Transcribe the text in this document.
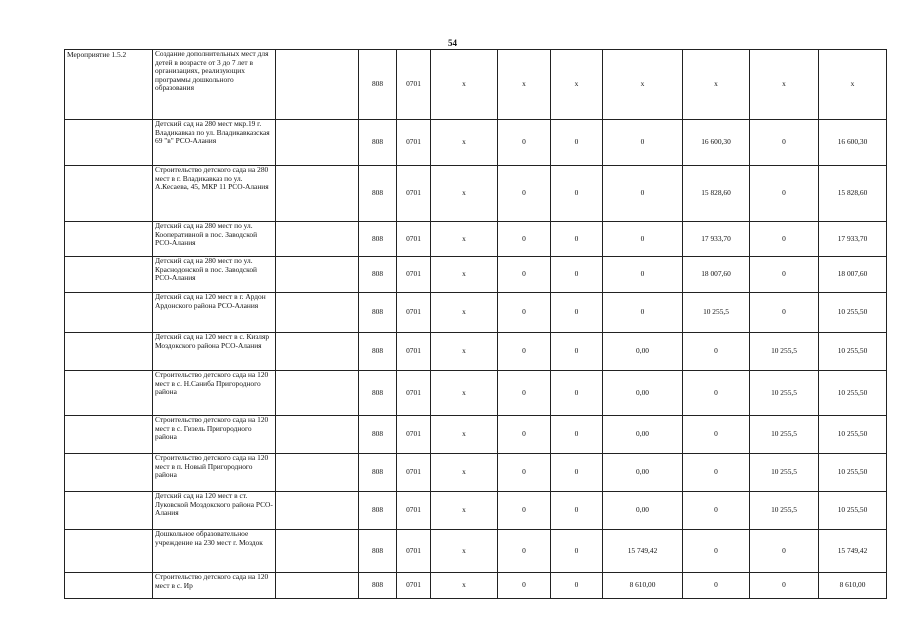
54
Мероприятие 1.5.2	Создание дополнительных мест для детей в возрасте от 3 до 7 лет в организациях, реализующих программы дошкольного образования		808	0701	х	х	х	х	х	х	х
	Детский сад на 280 мест мкр.19 г. Владикавказ по ул. Владикавказская 69 "в" РСО-Алания		808	0701	х	0	0	0	16 600,30	0	16 600,30
	Строительство детского сада на 280 мест в г. Владикавказ по ул. А.Кесаева, 45, МКР 11 РСО-Алания		808	0701	х	0	0	0	15 828,60	0	15 828,60
	Детский сад на 280 мест по ул. Кооперативной в пос. Заводской РСО-Алания		808	0701	х	0	0	0	17 933,70	0	17 933,70
	Детский сад на 280 мест по ул. Краснодонской в пос. Заводской РСО-Алания		808	0701	х	0	0	0	18 007,60	0	18 007,60
	Детский сад на 120 мест в г. Ардон Ардонского района РСО-Алания		808	0701	х	0	0	0	10 255,5	0	10 255,50
	Детский сад на 120 мест в с. Кизляр Моздокского района РСО-Алания		808	0701	х	0	0	0,00	0	10 255,5	10 255,50
	Строительство детского сада на 120 мест в с. Н.Саниба Пригородного района		808	0701	х	0	0	0,00	0	10 255,5	10 255,50
	Строительство детского сада на 120 мест в с. Гизель Пригородного района		808	0701	х	0	0	0,00	0	10 255,5	10 255,50
	Строительство детского сада на 120 мест в п. Новый Пригородного района		808	0701	х	0	0	0,00	0	10 255,5	10 255,50
	Детский сад на 120 мест в ст. Луковской Моздокского района РСО-Алания		808	0701	х	0	0	0,00	0	10 255,5	10 255,50
	Дошкольное образовательное учреждение на 230 мест г. Моздок		808	0701	х	0	0	15 749,42	0	0	15 749,42
	Строительство детского сада на 120 мест в с. Ир		808	0701	х	0	0	8 610,00	0	0	8 610,00
